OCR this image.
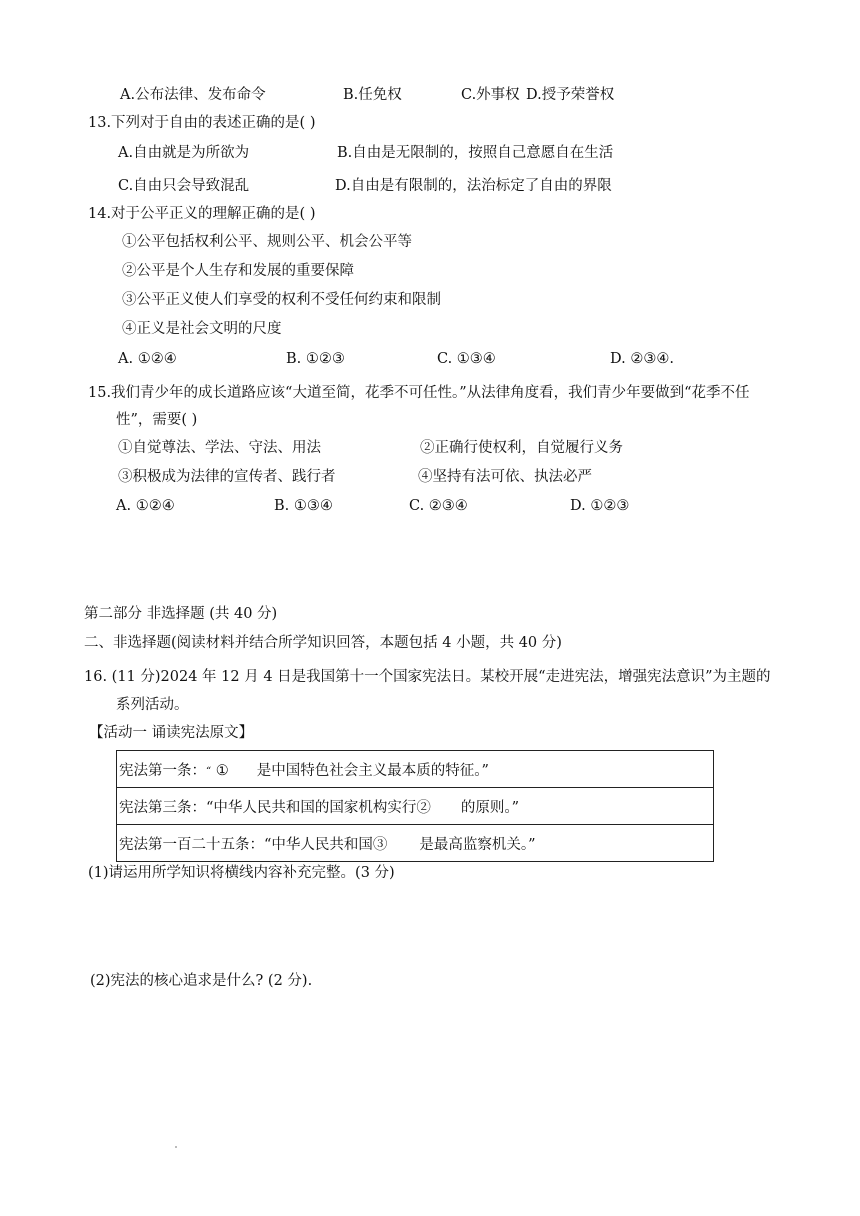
A.公布法律、发布命令	B.任免权	C.外事权 D.授予荣誉权
13.下列对于自由的表述正确的是( )
A.自由就是为所欲为	B.自由是无限制的，按照自己意愿自在生活
C.自由只会导致混乱	D.自由是有限制的，法治标定了自由的界限
14.对于公平正义的理解正确的是( )
①公平包括权利公平、规则公平、机会公平等
②公平是个人生存和发展的重要保障
③公平正义使人们享受的权利不受任何约束和限制
④正义是社会文明的尺度
A. ①②④	B. ①②③	C. ①③④	D. ②③④.
15.我们青少年的成长道路应该“大道至简，花季不可任性。”从法律角度看，我们青少年要做到“花季不任
性”，需要( )
①自觉尊法、学法、守法、用法	②正确行使权利，自觉履行义务
③积极成为法律的宣传者、践行者	④坚持有法可依、执法必严
A. ①②④	B. ①③④	C. ②③④	D. ①②③
第二部分 非选择题 (共 40 分)
二、非选择题(阅读材料并结合所学知识回答，本题包括 4 小题，共 40 分)
16. (11 分)2024 年 12 月 4 日是我国第十一个国家宪法日。某校开展“走进宪法，增强宪法意识”为主题的
系列活动。
【活动一 诵读宪法原文】
宪法第一条：“ ① 是中国特色社会主义最本质的特征。”
宪法第三条：“中华人民共和国的国家机构实行② 的原则。”
宪法第一百二十五条：“中华人民共和国③ 是最高监察机关。”
(1)请运用所学知识将横线内容补充完整。(3 分)
(2)宪法的核心追求是什么? (2 分).
